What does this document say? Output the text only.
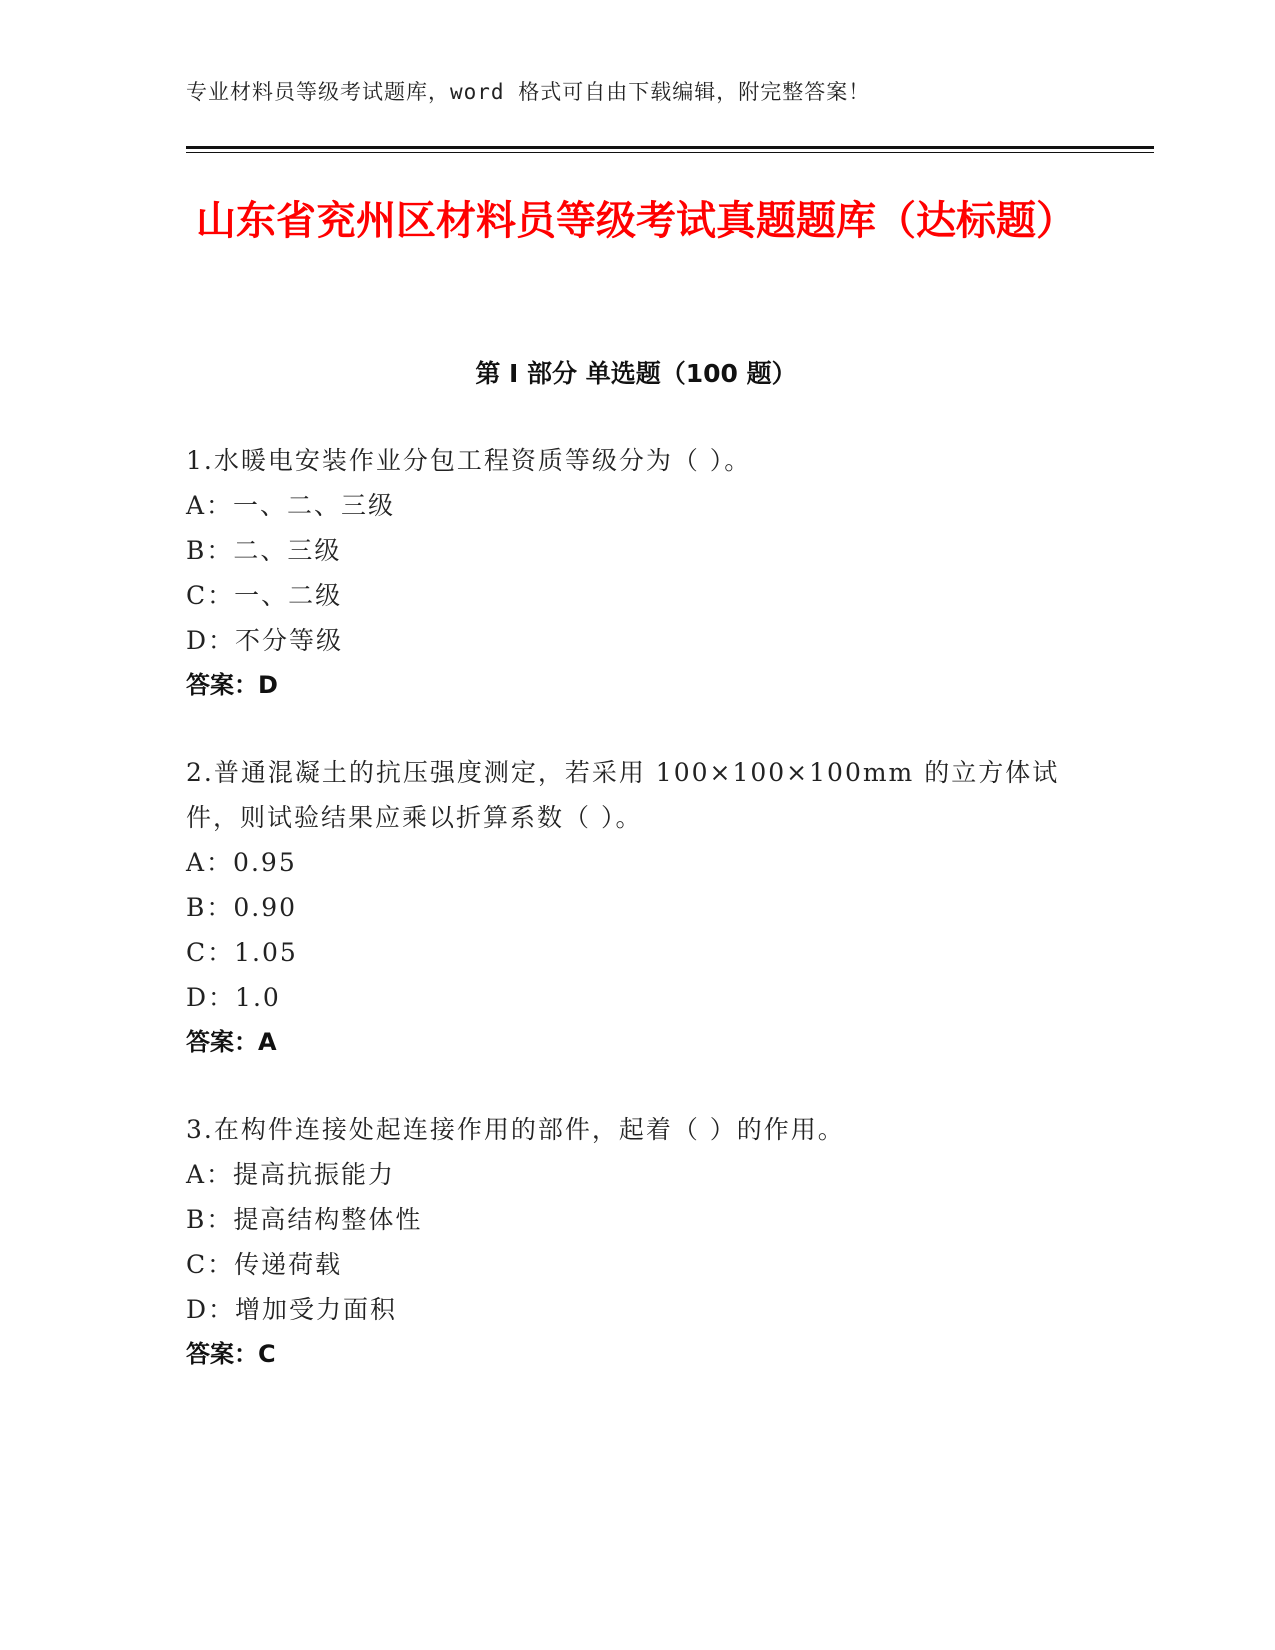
专业材料员等级考试题库，word 格式可自由下载编辑，附完整答案！
山东省兖州区材料员等级考试真题题库（达标题）
第 I 部分 单选题（100 题）
1.水暖电安装作业分包工程资质等级分为（ ）。
A：一、二、三级
B：二、三级
C：一、二级
D：不分等级
答案：D
2.普通混凝土的抗压强度测定，若采用 100×100×100mm 的立方体试件，则试验结果应乘以折算系数（ ）。
A：0.95
B：0.90
C：1.05
D：1.0
答案：A
3.在构件连接处起连接作用的部件，起着（ ）的作用。
A：提高抗振能力
B：提高结构整体性
C：传递荷载
D：增加受力面积
答案：C
